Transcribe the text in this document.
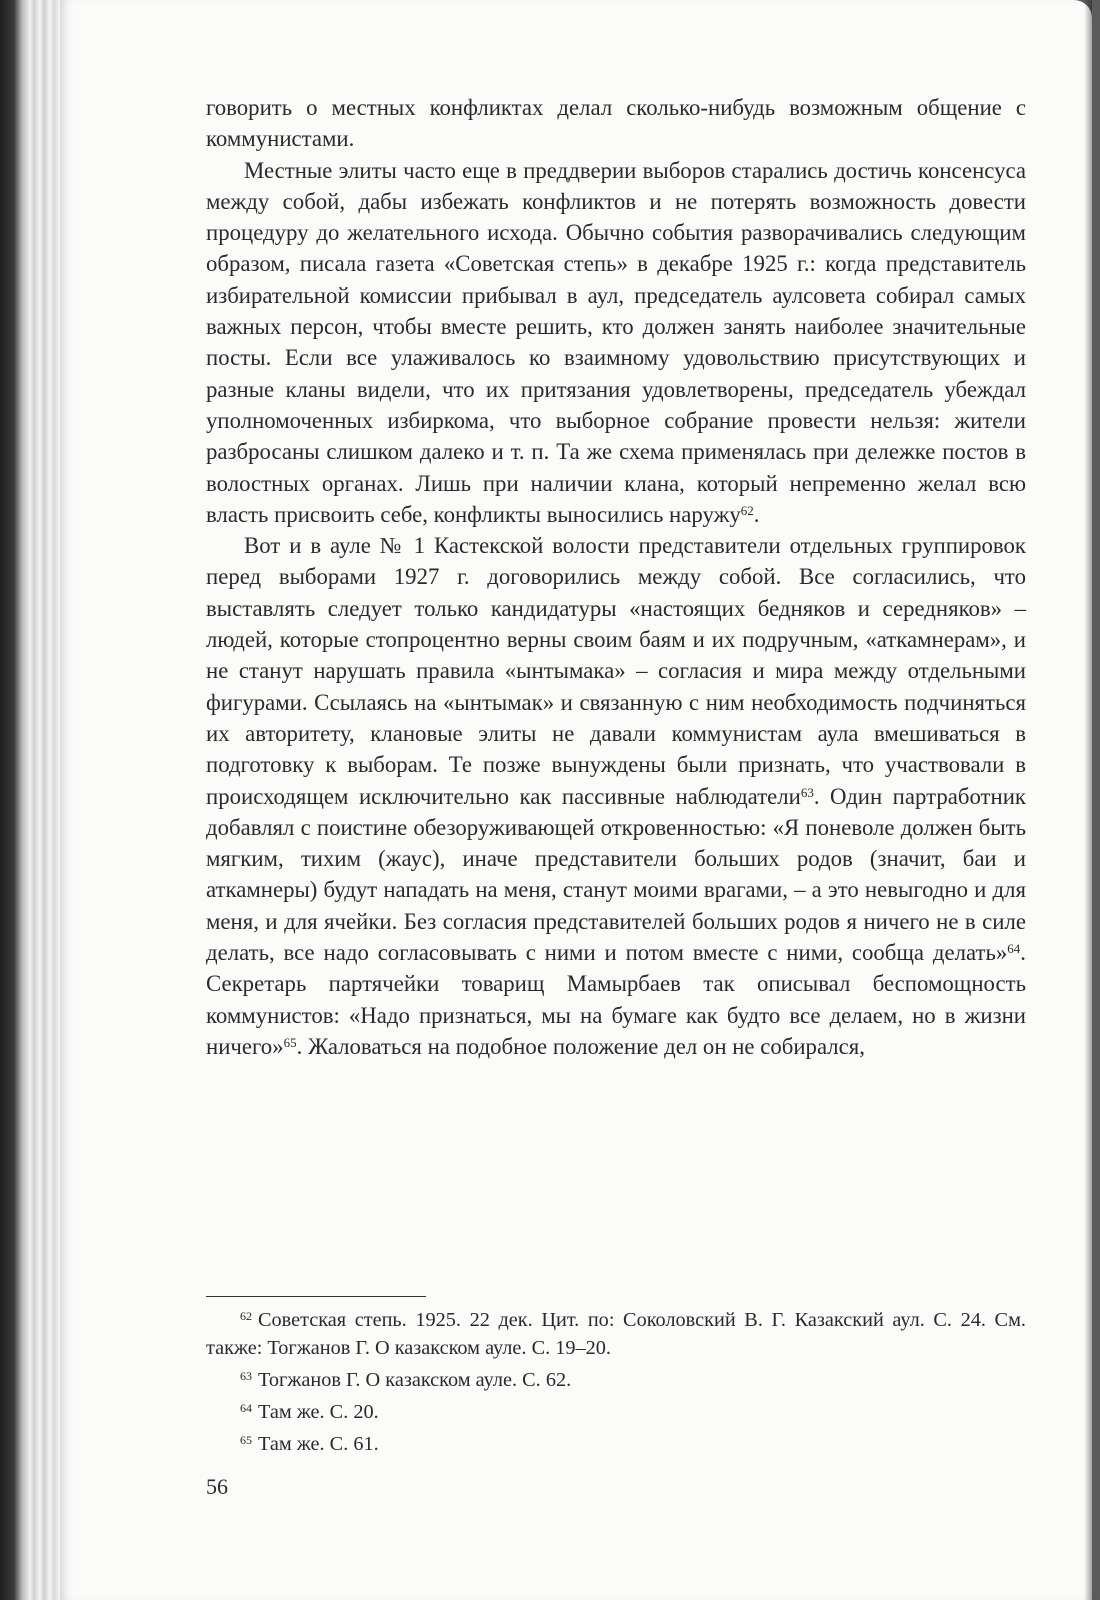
говорить о местных конфликтах делал сколько-нибудь возможным общение с коммунистами.

Местные элиты часто еще в преддверии выборов старались достичь консенсуса между собой, дабы избежать конфликтов и не потерять возможность довести процедуру до желательного исхода. Обычно события разворачивались следующим образом, писала газета «Советская степь» в декабре 1925 г.: когда представитель избирательной комиссии прибывал в аул, председатель аулсовета собирал самых важных персон, чтобы вместе решить, кто должен занять наиболее значительные посты. Если все улаживалось ко взаимному удовольствию присутствующих и разные кланы видели, что их притязания удовлетворены, председатель убеждал уполномоченных избиркома, что выборное собрание провести нельзя: жители разбросаны слишком далеко и т. п. Та же схема применялась при дележке постов в волостных органах. Лишь при наличии клана, который непременно желал всю власть присвоить себе, конфликты выносились наружу$^{62}$.

Вот и в ауле № 1 Кастекской волости представители отдельных группировок перед выборами 1927 г. договорились между собой. Все согласились, что выставлять следует только кандидатуры «настоящих бедняков и середняков» – людей, которые стопроцентно верны своим баям и их подручным, «аткамнерам», и не станут нарушать правила «ынтымака» – согласия и мира между отдельными фигурами. Ссылаясь на «ынтымак» и связанную с ним необходимость подчиняться их авторитету, клановые элиты не давали коммунистам аула вмешиваться в подготовку к выборам. Те позже вынуждены были признать, что участвовали в происходящем исключительно как пассивные наблюдатели$^{63}$. Один партработник добавлял с поистине обезоруживающей откровенностью: «Я поневоле должен быть мягким, тихим (жаус), иначе представители больших родов (значит, баи и аткамнеры) будут нападать на меня, станут моими врагами, – а это невыгодно и для меня, и для ячейки. Без согласия представителей больших родов я ничего не в силе делать, все надо согласовывать с ними и потом вместе с ними, сообща делать»$^{64}$. Секретарь партячейки товарищ Мамырбаев так описывал беспомощность коммунистов: «Надо признаться, мы на бумаге как будто все делаем, но в жизни ничего»$^{65}$. Жаловаться на подобное положение дел он не собирался,

$^{62}$ Советская степь. 1925. 22 дек. Цит. по: Соколовский В. Г. Казакский аул. С. 24. См. также: Тогжанов Г. О казакском ауле. С. 19–20.

$^{63}$ Тогжанов Г. О казакском ауле. С. 62.

$^{64}$ Там же. С. 20.

$^{65}$ Там же. С. 61.

56
